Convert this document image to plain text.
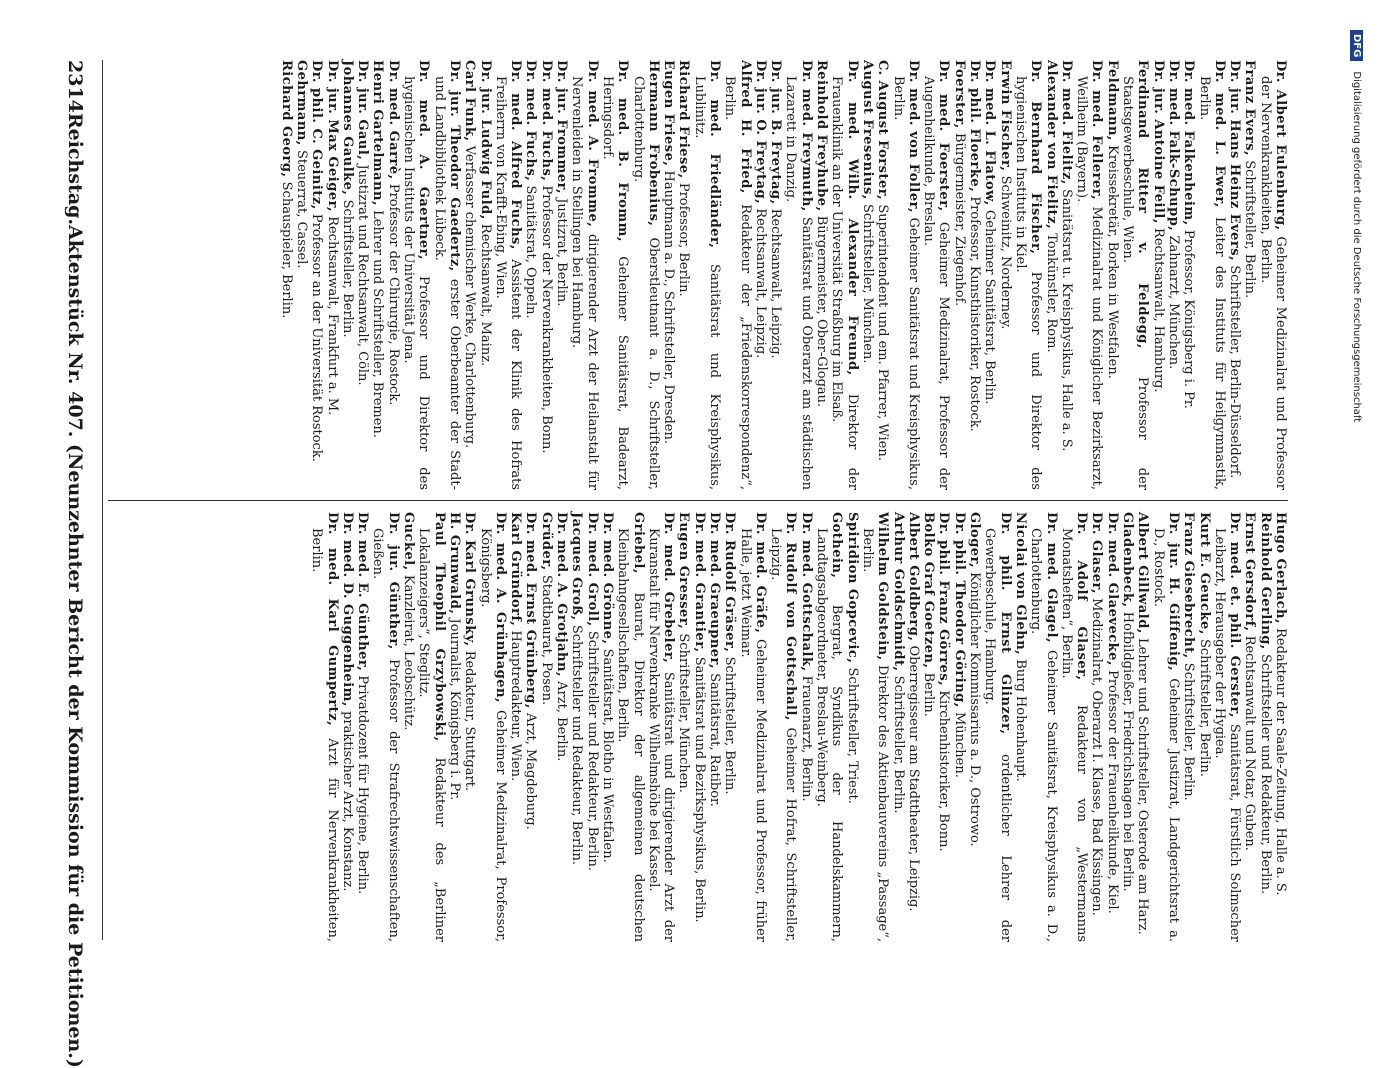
2314
Reichstag.
Aktenstück Nr. 407. (Neunzehnter Bericht der Kommission für die Petitionen.)
Dr. Albert Eulenburg, Geheimer Medizinalrat und Professor der Nervenkrankheiten, Berlin.
Franz Evers, Schriftsteller, Berlin.
Dr. jur. Hans Heinz Evers, Schriftsteller, Berlin-Düsseldorf.
Dr. med. L. Ewer, Leiter des Instituts für Heilgymnastik, Berlin.
Dr. med. Falkenheim, Professor, Königsberg i. Pr.
Dr. med. Falk-Schupp, Zahnarzt, München.
Dr. jur. Antoine Feill, Rechtsanwalt, Hamburg.
Ferdinand Ritter v. Feldegg, Professor der Staatsgewerbeschule, Wien.
Feldmann, Kreissekretär, Borken in Westfalen.
Dr. med. Fellerer, Medizinalrat und Königlicher Bezirksarzt, Weilheim (Bayern).
Dr. med. Fielitz, Sanitätsrat u. Kreisphysikus, Halle a. S.
Alexander von Fielitz, Tonkünstler, Rom.
Dr. Bernhard Fischer, Professor und Direktor des hygienischen Instituts in Kiel.
Erwin Fischer, Schweinitz, Norderney.
Dr. med. L. Flatow, Geheimer Sanitätsrat, Berlin.
Dr. phil. Floerke, Professor, Kunsthistoriker, Rostock.
Foerster, Bürgermeister, Ziegenhof.
Dr. med. Foerster, Geheimer Medizinalrat, Professor der Augenheilkunde, Breslau.
Dr. med. von Foller, Geheimer Sanitätsrat und Kreisphysikus, Berlin.
C. August Forster, Superintendent und em. Pfarrer, Wien.
August Fresenius, Schriftsteller, München.
Dr. med. Wilh. Alexander Freund, Direktor der Frauenklinik an der Universität Straßburg im Elsaß.
Reinhold Freyhube, Bürgermeister, Ober-Glogau.
Dr. med. Freymuth, Sanitätsrat und Oberarzt am städtischen Lazarett in Danzig.
Dr. jur. B. Freytag, Rechtsanwalt, Leipzig.
Dr. jur. O. Freytag, Rechtsanwalt, Leipzig.
Alfred H. Fried, Redakteur der „Friedenskorrespondenz“, Berlin.
Dr. med. Friedländer, Sanitätsrat und Kreisphysikus, Lublinitz.
Richard Friese, Professor, Berlin.
Eugen Friese, Hauptmann a. D., Schriftsteller, Dresden.
Hermann Frobenius, Oberstleutnant a. D., Schriftsteller, Charlottenburg.
Dr. med. B. Fromm, Geheimer Sanitätsrat, Badearzt, Heringsdorf.
Dr. med. A. Fromme, dirigierender Arzt der Heilanstalt für Nervenleiden in Stellingen bei Hamburg.
Dr. jur. Frommer, Justizrat, Berlin.
Dr. med. Fuchs, Professor der Nervenkrankheiten, Bonn.
Dr. med. Fuchs, Sanitätsrat, Oppeln.
Dr. med. Alfred Fuchs, Assistent der Klinik des Hofrats Freiherrn von Krafft-Ebing, Wien.
Dr. jur. Ludwig Fuld, Rechtsanwalt, Mainz.
Carl Funk, Verfasser chemischer Werke, Charlottenburg.
Dr. jur. Theodor Gaedertz, erster Oberbeamter der Stadt- und Landbibliothek Lübeck.
Dr. med. A. Gaertner, Professor und Direktor des hygienischen Instituts der Universität Jena.
Dr. med. Garrè, Professor der Chirurgie, Rostock.
Henri Gartelmann, Lehrer und Schriftsteller, Bremen.
Dr. jur. Gaul, Justizrat und Rechtsanwalt, Cöln.
Johannes Gaulke, Schriftsteller, Berlin.
Dr. jur. Max Geiger, Rechtsanwalt, Frankfurt a. M.
Dr. phil. C. Geinitz, Professor an der Universität Rostock.
Gehrmann, Steuerrat, Cassel.
Richard Georg, Schauspieler, Berlin.
Hugo Gerlach, Redakteur der Saale-Zeitung, Halle a. S.
Reinhold Gerling, Schriftsteller und Redakteur, Berlin.
Ernst Gersdorf, Rechtsanwalt und Notar, Guben.
Dr. med. et. phil. Gerster, Sanitätsrat, Fürstlich Solmscher Leibarzt, Herausgeber der Hygiea.
Kurt E. Geucke, Schriftsteller, Berlin.
Franz Giesebrecht, Schriftsteller, Berlin.
Dr. jur. H. Giffenig, Geheimer Justizrat, Landgerichtsrat a. D., Rostock.
Albert Gillwald, Lehrer und Schriftsteller, Osterode am Harz.
Gladenbeck, Hofbildgießer, Friedrichshagen bei Berlin.
Dr. med. Glaevecke, Professor der Frauenheilkunde, Kiel.
Dr. Glaser, Medizinalrat, Oberarzt I. Klasse, Bad Kissingen.
Dr. Adolf Glaser, Redakteur von „Westermanns Monatsheften“, Berlin.
Dr. med. Glagel, Geheimer Sanitätsrat, Kreisphysikus a. D., Charlottenburg.
Nicolai von Glehn, Burg Hohenhaupt.
Dr. phil. Ernst Glinzer, ordentlicher Lehrer der Gewerbeschule, Hamburg.
Gloger, Königlicher Kommissarius a. D., Ostrowo.
Dr. phil. Theodor Göring, München.
Dr. phil. Franz Görres, Kirchenhistoriker, Bonn.
Bolko Graf Goetzen, Berlin.
Albert Goldberg, Oberregisseur am Stadttheater, Leipzig.
Arthur Goldschmidt, Schriftsteller, Berlin.
Wilhelm Goldstein, Direktor des Aktienbauvereins „Passage“, Berlin.
Spiridion Gopcevic, Schriftsteller, Triest.
Gothein, Bergrat, Syndikus der Handelskammern, Landtagsabgeordneter, Breslau-Weinberg.
Dr. med. Gottschalk, Frauenarzt, Berlin.
Dr. Rudolf von Gottschall, Geheimer Hofrat, Schriftsteller, Leipzig.
Dr. med. Gräfe, Geheimer Medizinalrat und Professor, früher Halle, jetzt Weimar.
Dr. Rudolf Gräser, Schriftsteller, Berlin.
Dr. med. Graeupner, Sanitätsrat, Ratibor.
Dr. med. Grantier, Sanitätsrat und Bezirksphysikus, Berlin.
Eugen Gresser, Schriftsteller, München.
Dr. med. Grebeler, Sanitätsrat und dirigierender Arzt der Kuranstalt für Nervenkranke Wilhelmshöhe bei Kassel.
Griebel, Baurat, Direktor der allgemeinen deutschen Kleinbahngesellschaften, Berlin.
Dr. med. Grönne, Sanitätsrat, Blotho in Westfalen.
Dr. med. Groll, Schriftsteller und Redakteur, Berlin.
Jacques Groß, Schriftsteller und Redakteur, Berlin.
Dr. med. A. Grotjahn, Arzt, Berlin.
Grüder, Stadtbaurat, Posen.
Dr. med. Ernst Grünberg, Arzt, Magdeburg.
Karl Gründorf, Hauptredakteur, Wien.
Dr. med. A. Grünhagen, Geheimer Medizinalrat, Professor, Königsberg.
Dr. Karl Grunsky, Redakteur, Stuttgart.
H. Grunwald, Journalist, Königsberg i. Pr.
Paul Theophil Grzybowski, Redakteur des „Berliner Lokalanzeigers“, Steglitz.
Guckel, Kanzleirat, Leobschütz.
Dr. jur. Günther, Professor der Strafrechtswissenschaften, Gießen.
Dr. med. E. Günther, Privatdozent für Hygiene, Berlin.
Dr. med. D. Guggenheim, praktischer Arzt, Konstanz.
Dr. med. Karl Gumpertz, Arzt für Nervenkrankheiten, Berlin.
DFG
Digitalisierung gefördert durch die Deutsche Forschungsgemeinschaft
